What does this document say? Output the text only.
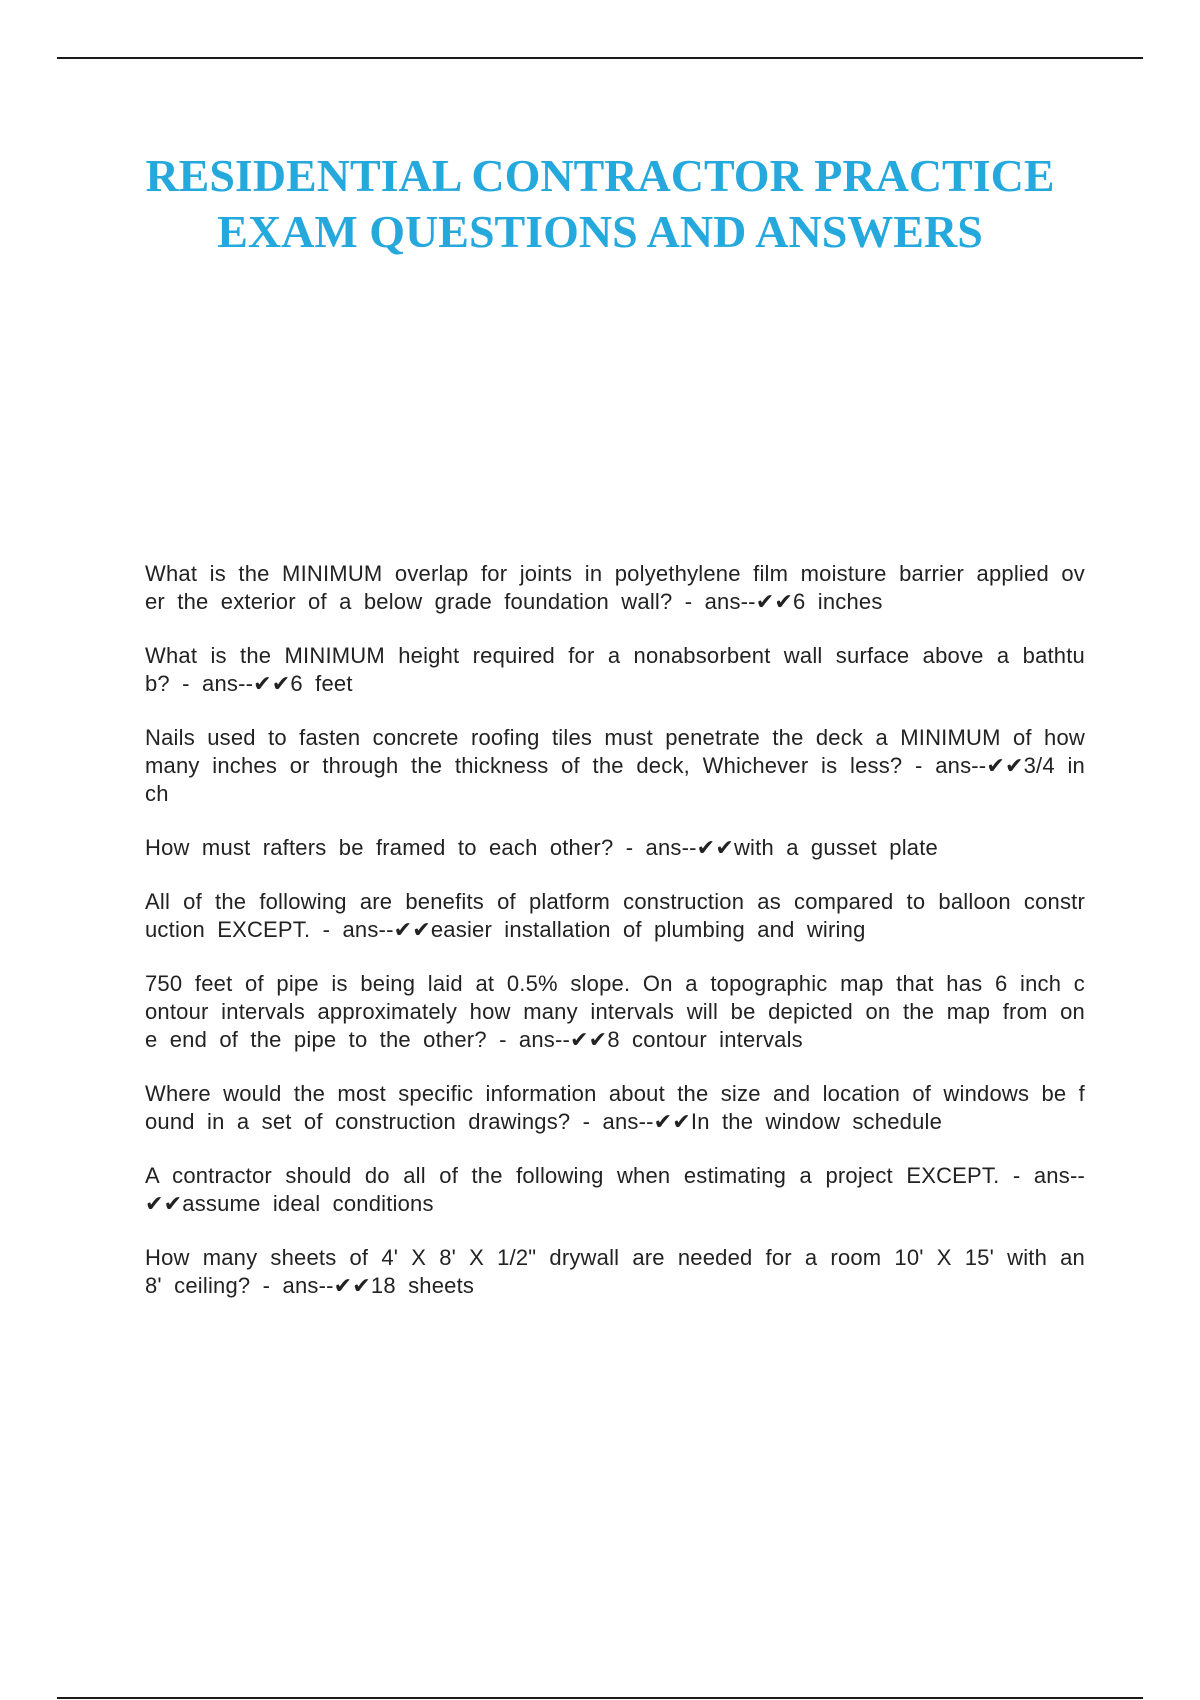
RESIDENTIAL CONTRACTOR PRACTICE EXAM QUESTIONS AND ANSWERS

What is the MINIMUM overlap for joints in polyethylene film moisture barrier applied over the exterior of a below grade foundation wall? - ans--✔✔6 inches

What is the MINIMUM height required for a nonabsorbent wall surface above a bathtub? - ans--✔✔6 feet

Nails used to fasten concrete roofing tiles must penetrate the deck a MINIMUM of how many inches or through the thickness of the deck, Whichever is less? - ans--✔✔3/4 inch

How must rafters be framed to each other? - ans--✔✔with a gusset plate

All of the following are benefits of platform construction as compared to balloon construction EXCEPT. - ans--✔✔easier installation of plumbing and wiring

750 feet of pipe is being laid at 0.5% slope. On a topographic map that has 6 inch contour intervals approximately how many intervals will be depicted on the map from one end of the pipe to the other? - ans--✔✔8 contour intervals

Where would the most specific information about the size and location of windows be found in a set of construction drawings? - ans--✔✔In the window schedule

A contractor should do all of the following when estimating a project EXCEPT. - ans--✔✔assume ideal conditions

How many sheets of 4' X 8' X 1/2" drywall are needed for a room 10' X 15' with an 8' ceiling? - ans--✔✔18 sheets
